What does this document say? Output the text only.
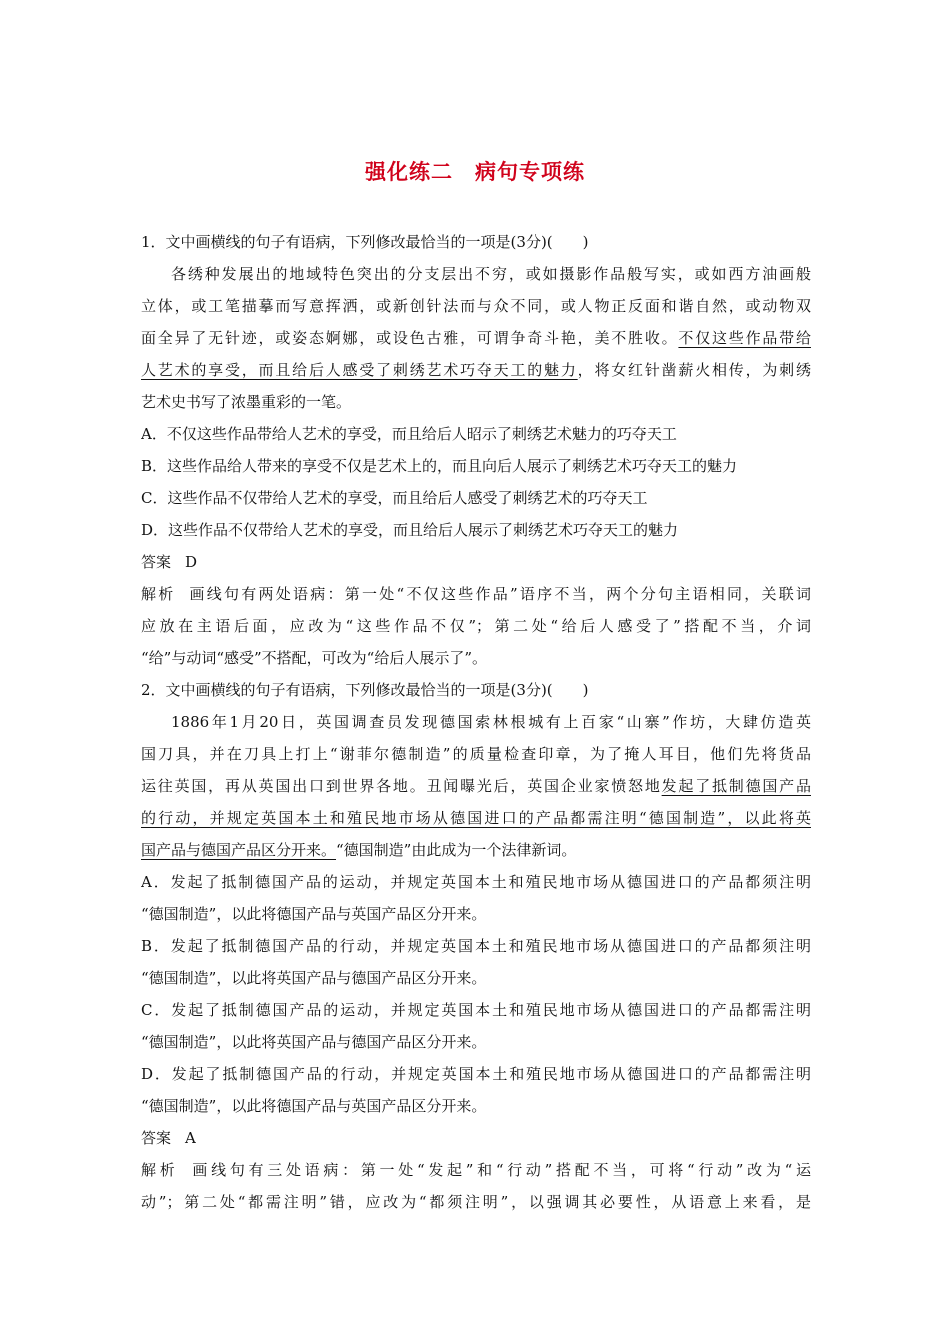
强化练二　病句专项练
1．文中画横线的句子有语病，下列修改最恰当的一项是(3分)(　　)
各绣种发展出的地域特色突出的分支层出不穷，或如摄影作品般写实，或如西方油画般
立体，或工笔描摹而写意挥洒，或新创针法而与众不同，或人物正反面和谐自然，或动物双
面全异了无针迹，或姿态婀娜，或设色古雅，可谓争奇斗艳，美不胜收。不仅这些作品带给
人艺术的享受，而且给后人感受了刺绣艺术巧夺天工的魅力，将女红针凿薪火相传，为刺绣
艺术史书写了浓墨重彩的一笔。
A．不仅这些作品带给人艺术的享受，而且给后人昭示了刺绣艺术魅力的巧夺天工
B．这些作品给人带来的享受不仅是艺术上的，而且向后人展示了刺绣艺术巧夺天工的魅力
C．这些作品不仅带给人艺术的享受，而且给后人感受了刺绣艺术的巧夺天工
D．这些作品不仅带给人艺术的享受，而且给后人展示了刺绣艺术巧夺天工的魅力
答案 D
解析 画线句有两处语病：第一处“不仅这些作品”语序不当，两个分句主语相同，关联词
应放在主语后面，应改为“这些作品不仅”；第二处“给后人感受了”搭配不当，介词
“给”与动词“感受”不搭配，可改为“给后人展示了”。
2．文中画横线的句子有语病，下列修改最恰当的一项是(3分)(　　)
1886年1月20日，英国调查员发现德国索林根城有上百家“山寨”作坊，大肆仿造英
国刀具，并在刀具上打上“谢菲尔德制造”的质量检查印章，为了掩人耳目，他们先将货品
运往英国，再从英国出口到世界各地。丑闻曝光后，英国企业家愤怒地发起了抵制德国产品
的行动，并规定英国本土和殖民地市场从德国进口的产品都需注明“德国制造”，以此将英
国产品与德国产品区分开来。“德国制造”由此成为一个法律新词。
A．发起了抵制德国产品的运动，并规定英国本土和殖民地市场从德国进口的产品都须注明
“德国制造”，以此将德国产品与英国产品区分开来。
B．发起了抵制德国产品的行动，并规定英国本土和殖民地市场从德国进口的产品都须注明
“德国制造”，以此将英国产品与德国产品区分开来。
C．发起了抵制德国产品的运动，并规定英国本土和殖民地市场从德国进口的产品都需注明
“德国制造”，以此将英国产品与德国产品区分开来。
D．发起了抵制德国产品的行动，并规定英国本土和殖民地市场从德国进口的产品都需注明
“德国制造”，以此将德国产品与英国产品区分开来。
答案 A
解析 画线句有三处语病：第一处“发起”和“行动”搭配不当，可将“行动”改为“运
动”；第二处“都需注明”错，应改为“都须注明”，以强调其必要性，从语意上来看，是
